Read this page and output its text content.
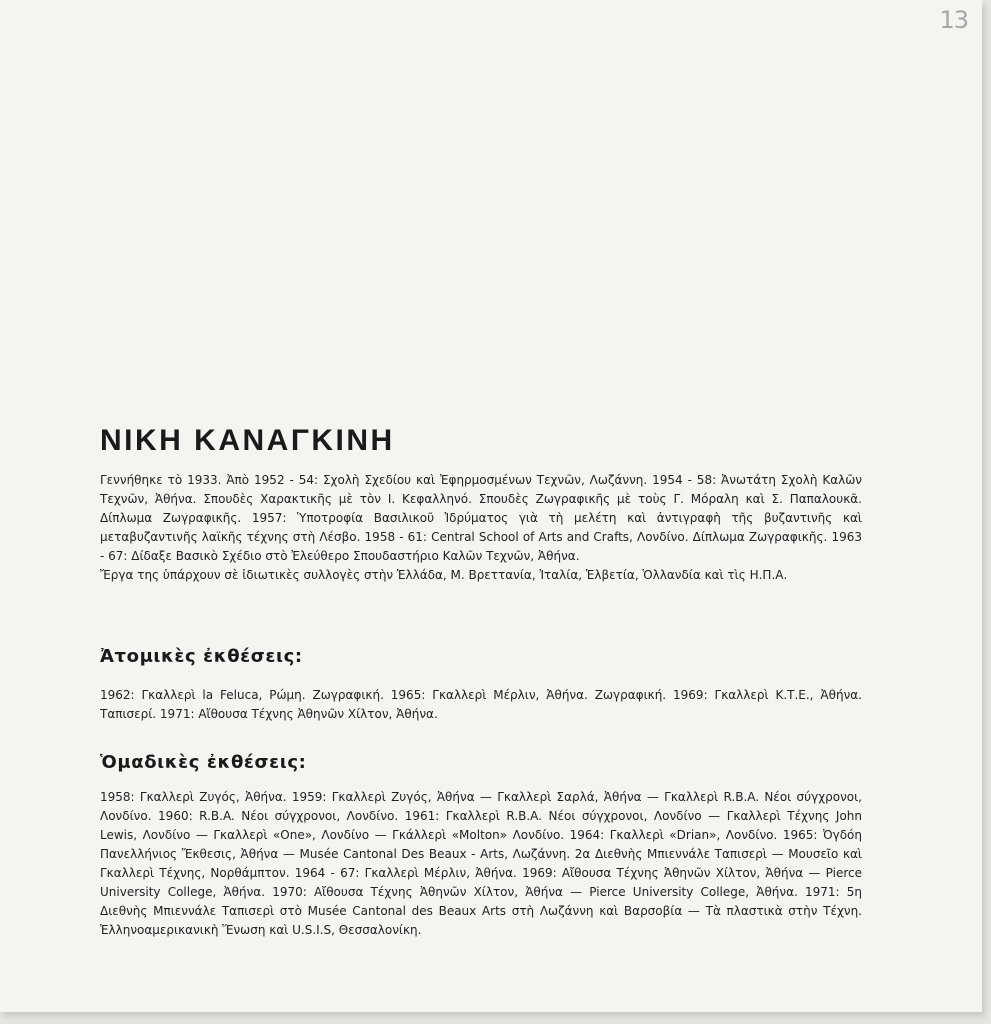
13
ΝΙΚΗ ΚΑΝΑΓΚΙΝΗ

Γεννήθηκε τὸ 1933. Ἀπὸ 1952 - 54: Σχολὴ Σχεδίου καὶ Ἐφηρμοσμένων Τεχνῶν, Λωζάννη. 1954 - 58: Ἀνωτάτη Σχολὴ Καλῶν Τεχνῶν, Ἀθήνα. Σπουδὲς Χαρακτικῆς μὲ τὸν Ι. Κεφαλληνό. Σπουδὲς Ζωγραφικῆς μὲ τοὺς Γ. Μόραλη καὶ Σ. Παπαλουκᾶ. Δίπλωμα Ζωγραφικῆς. 1957: Ὑποτροφία Βασιλικοῦ Ἱδρύματος γιὰ τὴ μελέτη καὶ ἀντιγραφὴ τῆς βυζαντινῆς καὶ μεταβυζαντινῆς λαϊκῆς τέχνης στὴ Λέσβο. 1958 - 61: Central School of Arts and Crafts, Λονδίνο. Δίπλωμα Ζωγραφικῆς. 1963 - 67: Δίδαξε Βασικὸ Σχέδιο στὸ Ἐλεύθερο Σπουδαστήριο Καλῶν Τεχνῶν, Ἀθήνα.

Ἔργα της ὑπάρχουν σὲ ἰδιωτικὲς συλλογὲς στὴν Ἑλλάδα, Μ. Βρεττανία, Ἰταλία, Ἑλβετία, Ὁλλανδία καὶ τὶς Η.Π.Α.

Ἀτομικὲς ἐκθέσεις:

1962: Γκαλλερὶ la Feluca, Ρώμη. Ζωγραφική. 1965: Γκαλλερὶ Μέρλιν, Ἀθήνα. Ζωγραφική. 1969: Γκαλλερὶ Κ.Τ.Ε., Ἀθήνα. Ταπισερί. 1971: Αἴθουσα Τέχνης Ἀθηνῶν Χίλτον, Ἀθήνα.

Ὁμαδικὲς ἐκθέσεις:

1958: Γκαλλερὶ Ζυγός, Ἀθήνα. 1959: Γκαλλερὶ Ζυγός, Ἀθήνα — Γκαλλερὶ Σαρλά, Ἀθήνα — Γκαλλερὶ R.B.A. Νέοι σύγχρονοι, Λονδίνο. 1960: R.B.A. Νέοι σύγχρονοι, Λονδίνο. 1961: Γκαλλερὶ R.B.A. Νέοι σύγχρονοι, Λονδίνο — Γκαλλερὶ Τέχνης John Lewis, Λονδίνο — Γκαλλερὶ «One», Λονδίνο — Γκάλλερὶ «Molton» Λονδίνο. 1964: Γκαλλερὶ «Drian», Λονδίνο. 1965: Ὀγδόη Πανελλήνιος Ἔκθεσις, Ἀθήνα — Musée Cantonal Des Beaux - Arts, Λωζάννη. 2α Διεθνὴς Μπιεννάλε Ταπισερὶ — Μουσεῖο καὶ Γκαλλερὶ Τέχνης, Νορθάμπτον. 1964 - 67: Γκαλλερὶ Μέρλιν, Ἀθήνα. 1969: Αἴθουσα Τέχνης Ἀθηνῶν Χίλτον, Ἀθήνα — Pierce University College, Ἀθήνα. 1970: Αἴθουσα Τέχνης Ἀθηνῶν Χίλτον, Ἀθήνα — Pierce University College, Ἀθήνα. 1971: 5η Διεθνὴς Μπιεννάλε Ταπισερὶ στὸ Musée Cantonal des Beaux Arts στὴ Λωζάννη καὶ Βαρσοβία — Τὰ πλαστικὰ στὴν Τέχνη. Ἑλληνοαμερικανικὴ Ἕνωση καὶ U.S.I.S, Θεσσαλονίκη.
